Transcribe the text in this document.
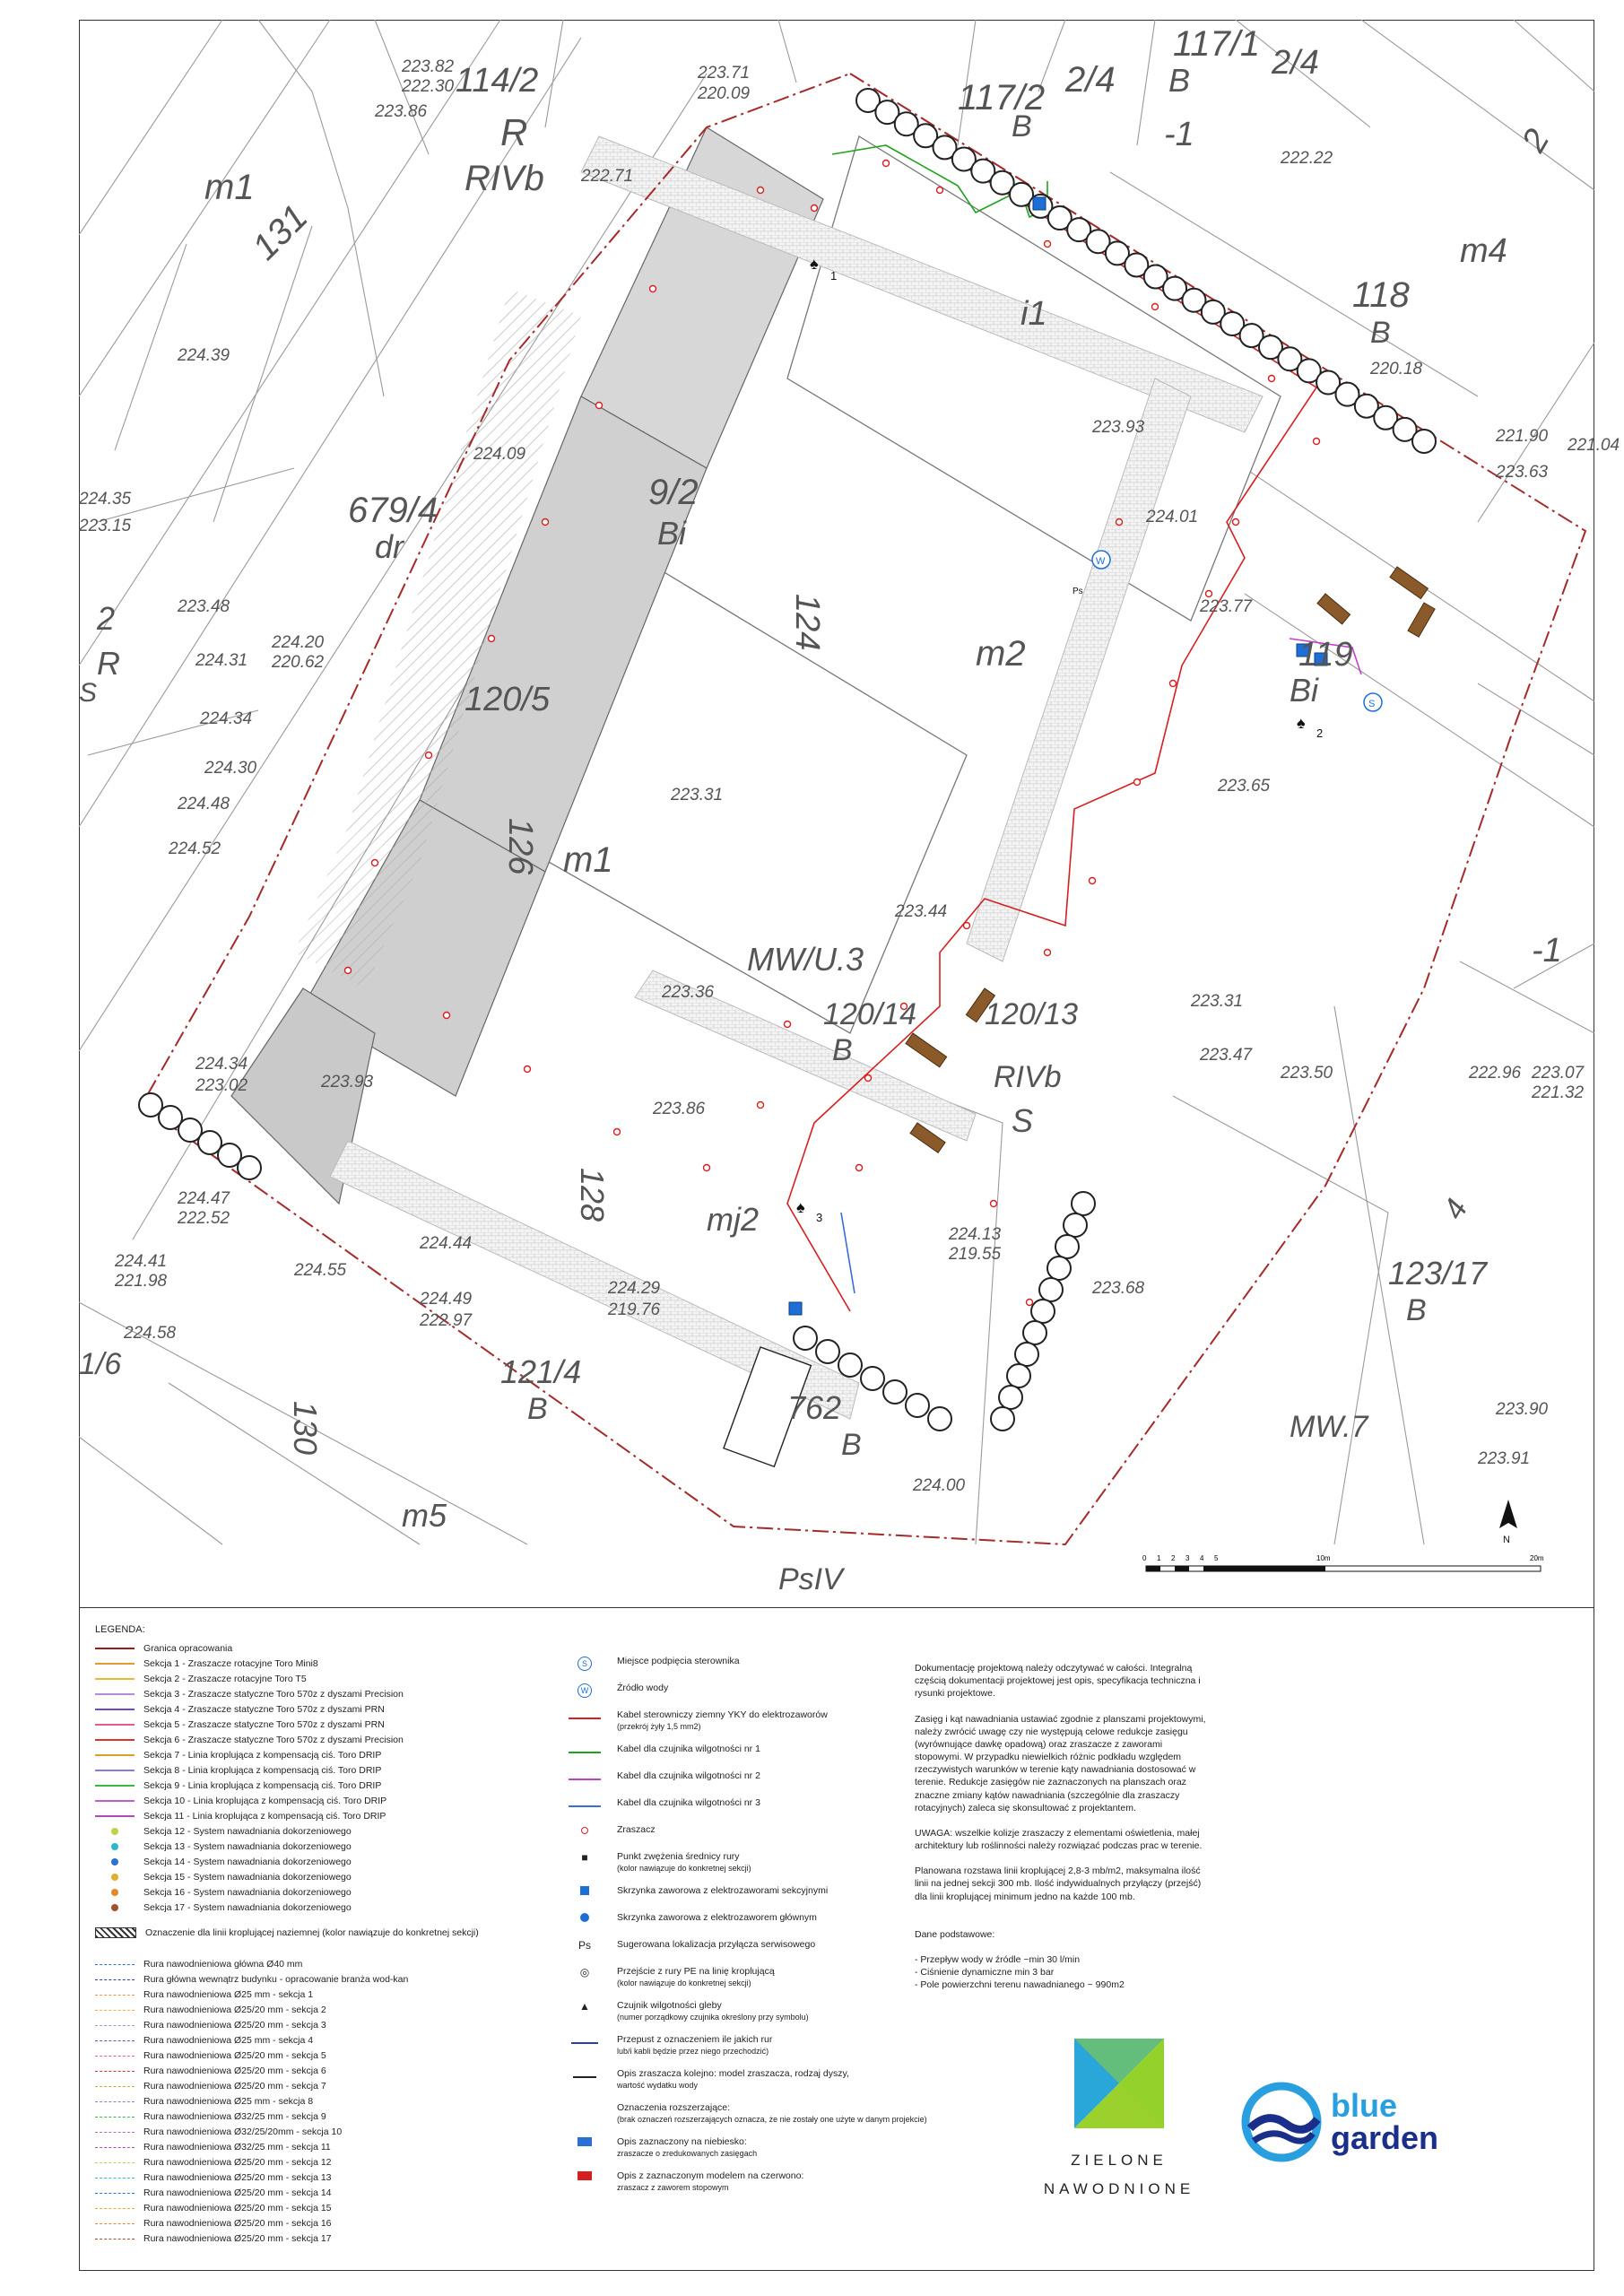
117/2 2/4
117/1 2/4
114/2
R
RIVb
B
B
m1
131	m4
118
B
i1
679/4
dr
9/2
Bi
124
m2	119
Bi
120/5
126 m1
MW/U.3
-1
-1
2
120/14
B
120/13
RIVb
S
128	mj2
123/17
B
121/4
B	762
B
MW.7
m5
130
1/6
PsIV
R
2
4
S
223.82
222.30
223.71
220.09
222.71
222.22
223.86
224.39
220.18
221.90 221.04
223.63
223.93
224.01
223.77
224.09
224.35
223.15
223.48
224.20
220.62
224.31
224.34
224.30
224.48
224.52
223.31
223.44
223.36
223.65
223.31
223.47
223.50
224.34
223.02	223.93
223.86
224.47
222.52
224.41
221.98
224.55
224.44
224.49
222.97
224.29
219.76
224.13
219.55
223.68
224.00
223.90
223.91
224.58
223.07
221.32
222.96
♠
1
♠
2
♠
3
W
Ps
S
0 1 2 3 4 5	10m	20m
N
LEGENDA:
Granica opracowania
Sekcja 1 - Zraszacze rotacyjne Toro Mini8
Sekcja 2 - Zraszacze rotacyjne Toro T5
Sekcja 3 - Zraszacze statyczne Toro 570z z dyszami Precision
Sekcja 4 - Zraszacze statyczne Toro 570z z dyszami PRN
Sekcja 5 - Zraszacze statyczne Toro 570z z dyszami PRN
Sekcja 6 - Zraszacze statyczne Toro 570z z dyszami Precision
Sekcja 7 - Linia kroplująca z kompensacją ciś. Toro DRIP
Sekcja 8 - Linia kroplująca z kompensacją ciś. Toro DRIP
Sekcja 9 - Linia kroplująca z kompensacją ciś. Toro DRIP
Sekcja 10 - Linia kroplująca z kompensacją ciś. Toro DRIP
Sekcja 11 - Linia kroplująca z kompensacją ciś. Toro DRIP
Sekcja 12 - System nawadniania dokorzeniowego
Sekcja 13 - System nawadniania dokorzeniowego
Sekcja 14 - System nawadniania dokorzeniowego
Sekcja 15 - System nawadniania dokorzeniowego
Sekcja 16 - System nawadniania dokorzeniowego
Sekcja 17 - System nawadniania dokorzeniowego
Oznaczenie dla linii kroplującej naziemnej (kolor nawiązuje do konkretnej sekcji)
Rura nawodnieniowa główna Ø40 mm
Rura główna wewnątrz budynku - opracowanie branża wod-kan
Rura nawodnieniowa Ø25 mm - sekcja 1
Rura nawodnieniowa Ø25/20 mm - sekcja 2
Rura nawodnieniowa Ø25/20 mm - sekcja 3
Rura nawodnieniowa Ø25 mm - sekcja 4
Rura nawodnieniowa Ø25/20 mm - sekcja 5
Rura nawodnieniowa Ø25/20 mm - sekcja 6
Rura nawodnieniowa Ø25/20 mm - sekcja 7
Rura nawodnieniowa Ø25 mm - sekcja 8
Rura nawodnieniowa Ø32/25 mm - sekcja 9
Rura nawodnieniowa Ø32/25/20mm - sekcja 10
Rura nawodnieniowa Ø32/25 mm - sekcja 11
Rura nawodnieniowa Ø25/20 mm - sekcja 12
Rura nawodnieniowa Ø25/20 mm - sekcja 13
Rura nawodnieniowa Ø25/20 mm - sekcja 14
Rura nawodnieniowa Ø25/20 mm - sekcja 15
Rura nawodnieniowa Ø25/20 mm - sekcja 16
Rura nawodnieniowa Ø25/20 mm - sekcja 17
S	Miejsce podpięcia sterownika
W	Źródło wody
Kabel sterowniczy ziemny YKY do elektrozaworów
(przekrój żyły 1,5 mm2)
Kabel dla czujnika wilgotności nr 1
Kabel dla czujnika wilgotności nr 2
Kabel dla czujnika wilgotności nr 3
Zraszacz
■	Punkt zwężenia średnicy rury
(kolor nawiązuje do konkretnej sekcji)
Skrzynka zaworowa z elektrozaworami sekcyjnymi
Skrzynka zaworowa z elektrozaworem głównym
Ps	Sugerowana lokalizacja przyłącza serwisowego
◎	Przejście z rury PE na linię kroplującą
(kolor nawiązuje do konkretnej sekcji)
▲	Czujnik wilgotności gleby
(numer porządkowy czujnika określony przy symbolu)
Przepust z oznaczeniem ile jakich rur
lub/i kabli będzie przez niego przechodzić)
Opis zraszacza kolejno: model zraszacza, rodzaj dyszy,
wartość wydatku wody
Oznaczenia rozszerzające:
(brak oznaczeń rozszerzających oznacza, że nie zostały one użyte w danym projekcie)
Opis zaznaczony na niebiesko:
zraszacze o zredukowanych zasięgach
Opis z zaznaczonym modelem na czerwono:
zraszacz z zaworem stopowym

Dokumentację projektową należy odczytywać w całości. Integralną częścią dokumentacji projektowej jest opis, specyfikacja techniczna i rysunki projektowe.

Zasięg i kąt nawadniania ustawiać zgodnie z planszami projektowymi, należy zwrócić uwagę czy nie występują celowe redukcje zasięgu (wyrównujące dawkę opadową) oraz zraszacze z zaworami stopowymi. W przypadku niewielkich różnic podkładu względem rzeczywistych warunków w terenie kąty nawadniania dostosować w terenie. Redukcje zasięgów nie zaznaczonych na planszach oraz znaczne zmiany kątów nawadniania (szczególnie dla zraszaczy rotacyjnych) zaleca się skonsultować z projektantem.

UWAGA: wszelkie kolizje zraszaczy z elementami oświetlenia, małej architektury lub roślinności należy rozwiązać podczas prac w terenie.

Planowana rozstawa linii kroplującej 2,8-3 mb/m2, maksymalna ilość linii na jednej sekcji 300 mb. Ilość indywidualnych przyłączy (przejść) dla linii kroplującej minimum jedno na każde 100 mb.

Dane podstawowe:

- Przepływ wody w źródle ~min 30 l/min
- Ciśnienie dynamiczne min 3 bar
- Pole powierzchni terenu nawadnianego ~ 990m2

ZIELONE
NAWODNIONE
blue
garden
